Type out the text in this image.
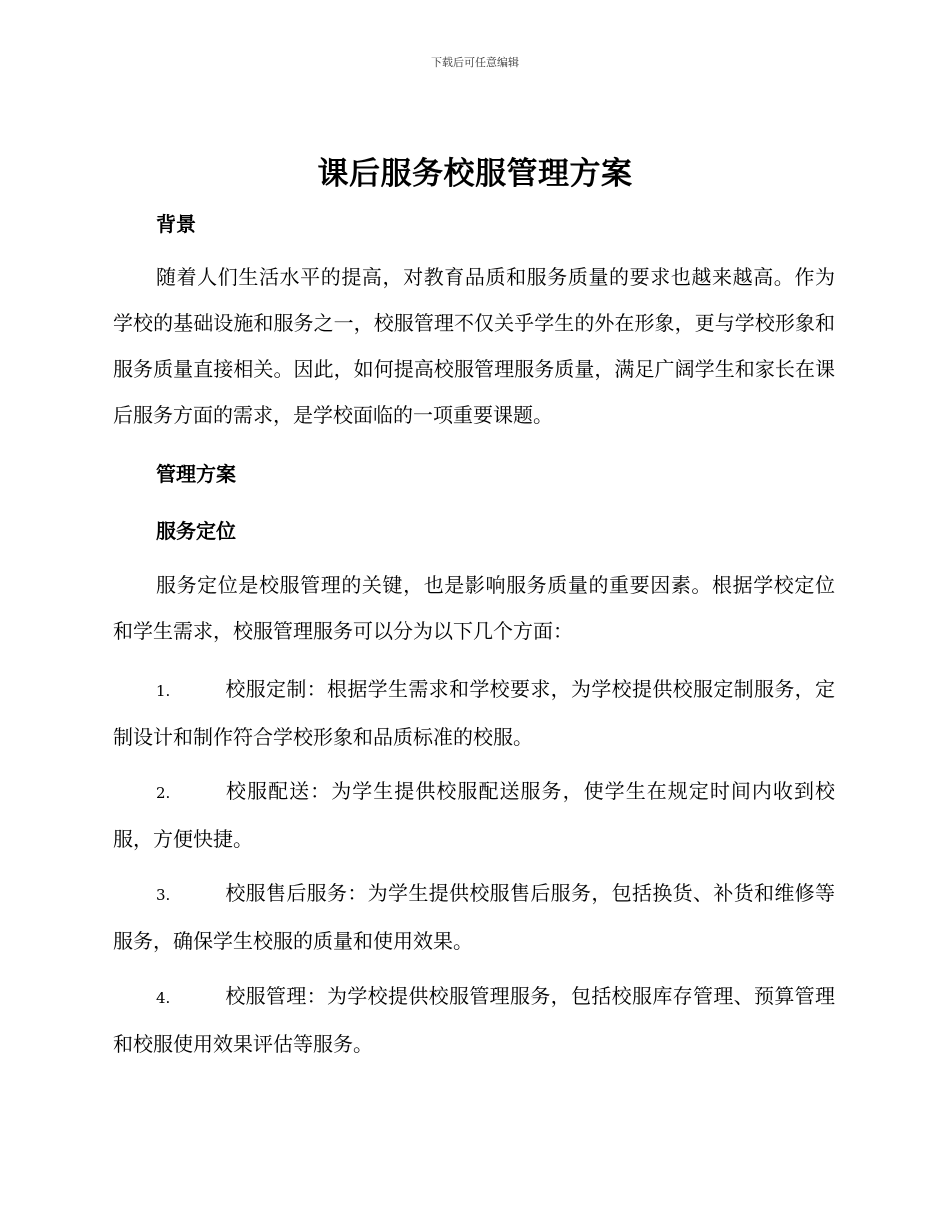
下载后可任意编辑
课后服务校服管理方案
背景

随着人们生活水平的提高，对教育品质和服务质量的要求也越来越高。作为学校的基础设施和服务之一，校服管理不仅关乎学生的外在形象，更与学校形象和服务质量直接相关。因此，如何提高校服管理服务质量，满足广阔学生和家长在课后服务方面的需求，是学校面临的一项重要课题。

管理方案
服务定位

服务定位是校服管理的关键，也是影响服务质量的重要因素。根据学校定位和学生需求，校服管理服务可以分为以下几个方面：

1.	校服定制：根据学生需求和学校要求，为学校提供校服定制服务，定制设计和制作符合学校形象和品质标准的校服。

2.	校服配送：为学生提供校服配送服务，使学生在规定时间内收到校服，方便快捷。

3.	校服售后服务：为学生提供校服售后服务，包括换货、补货和维修等服务，确保学生校服的质量和使用效果。

4.	校服管理：为学校提供校服管理服务，包括校服库存管理、预算管理和校服使用效果评估等服务。
